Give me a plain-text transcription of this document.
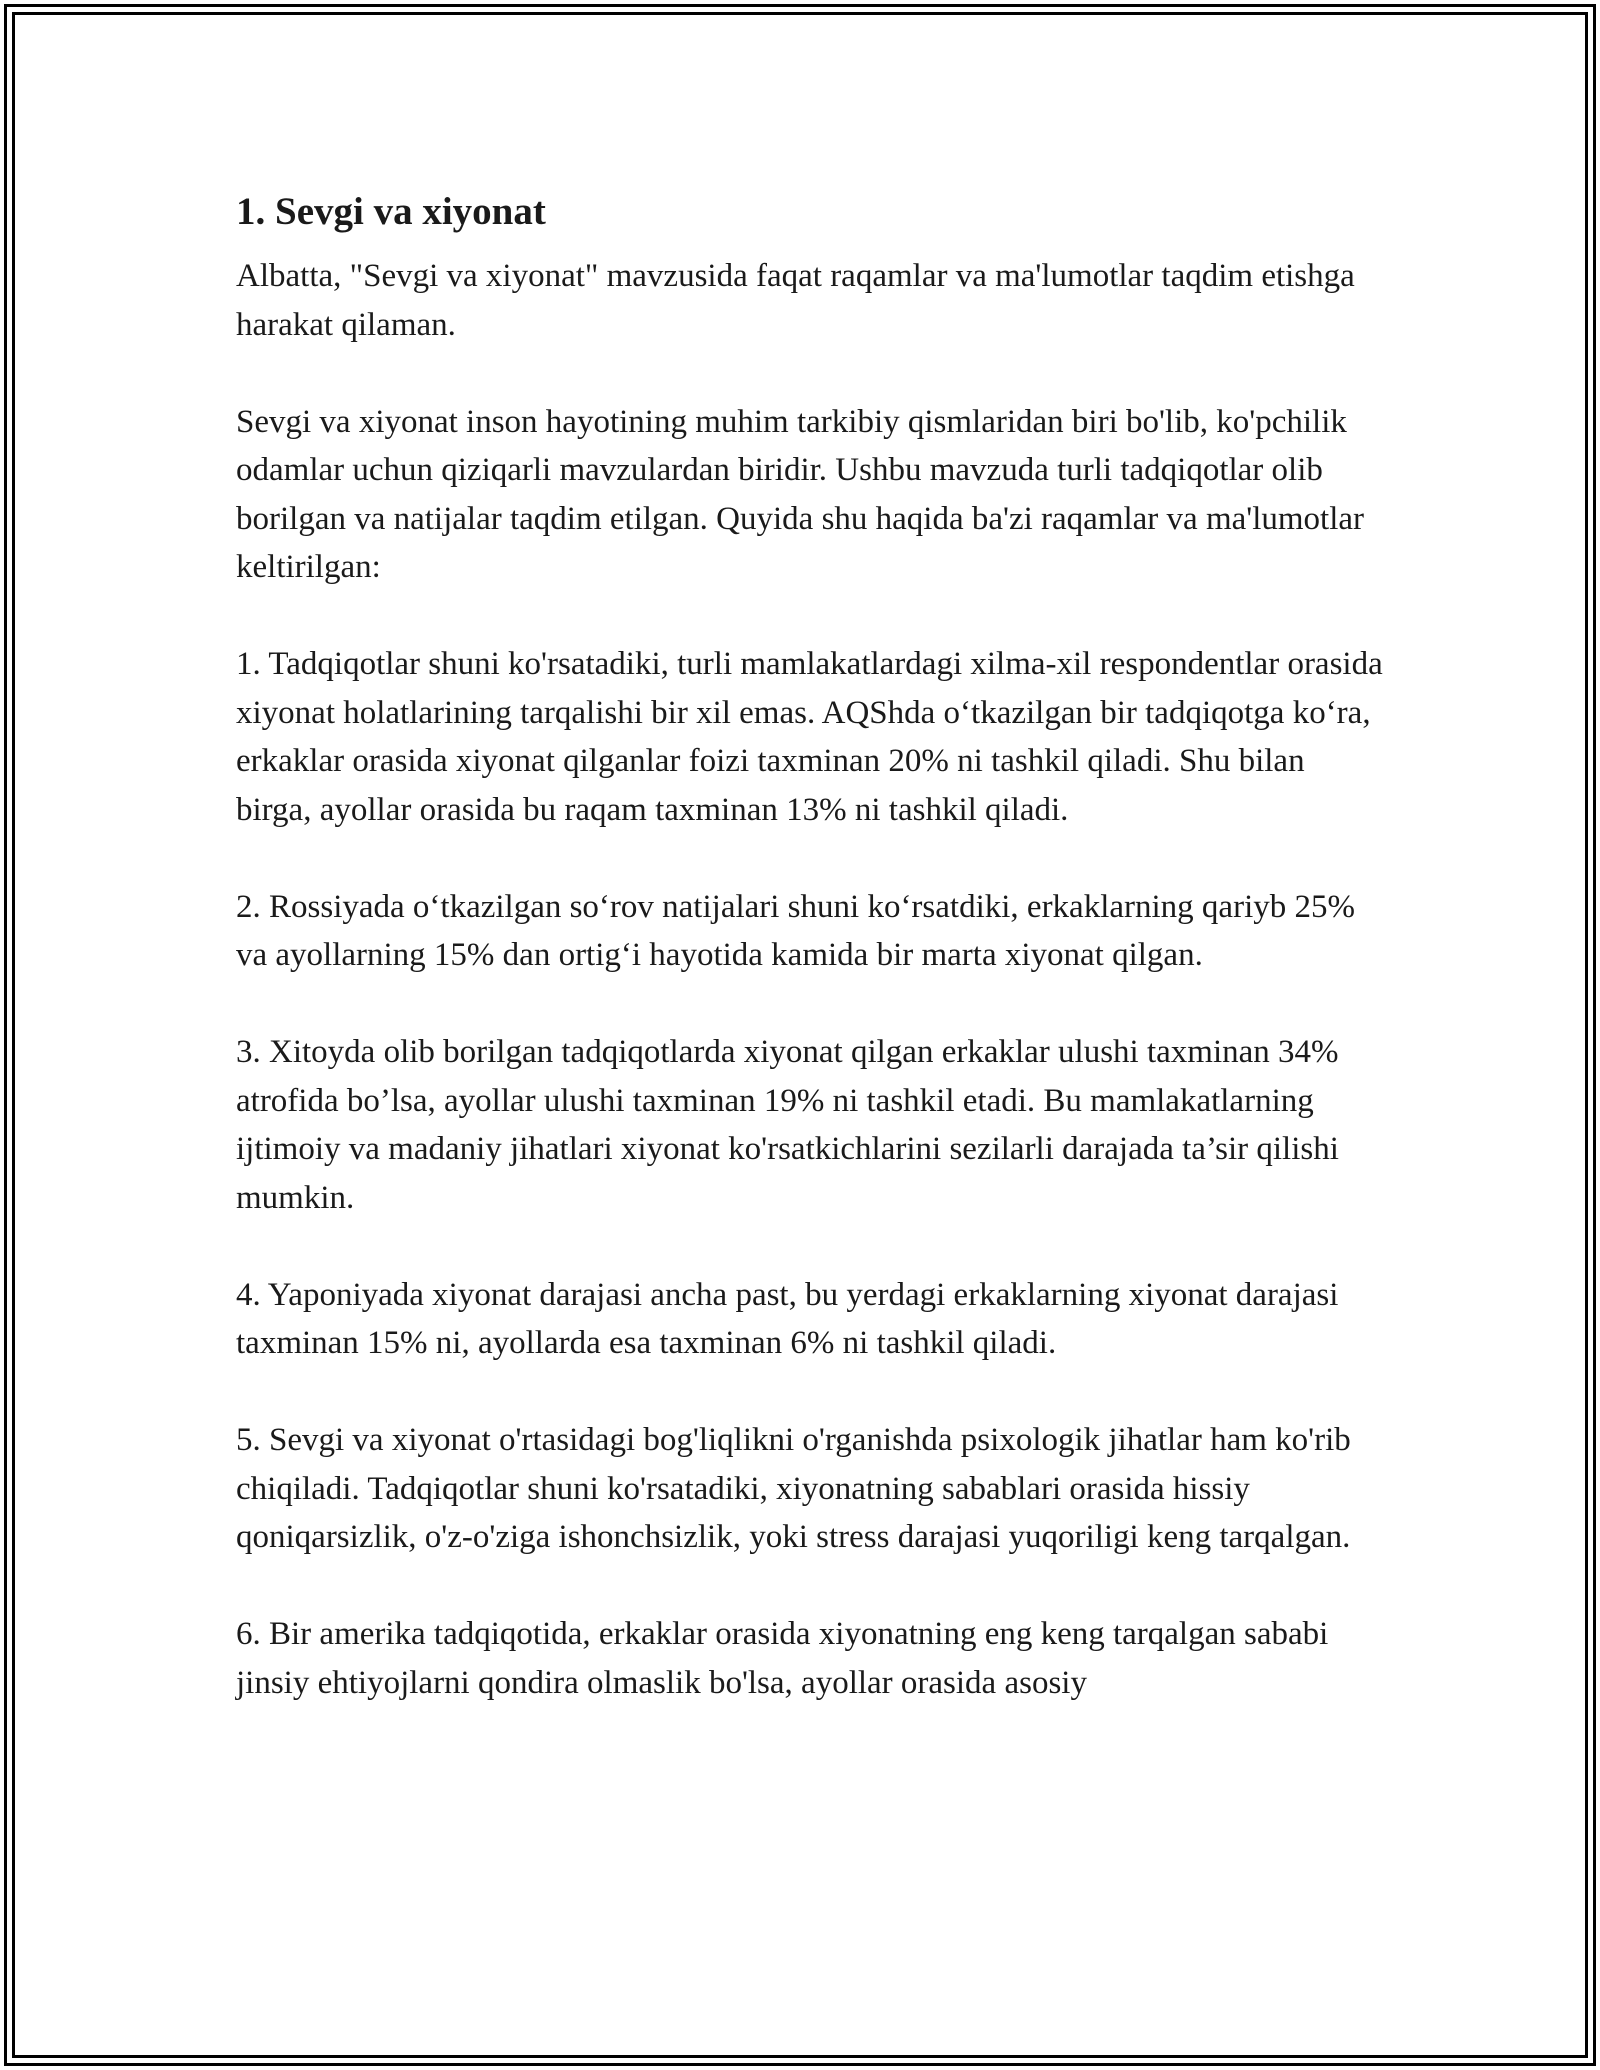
1. Sevgi va xiyonat

Albatta, "Sevgi va xiyonat" mavzusida faqat raqamlar va ma'lumotlar taqdim etishga harakat qilaman.

Sevgi va xiyonat inson hayotining muhim tarkibiy qismlaridan biri bo'lib, ko'pchilik odamlar uchun qiziqarli mavzulardan biridir. Ushbu mavzuda turli tadqiqotlar olib borilgan va natijalar taqdim etilgan. Quyida shu haqida ba'zi raqamlar va ma'lumotlar keltirilgan:

1. Tadqiqotlar shuni ko'rsatadiki, turli mamlakatlardagi xilma-xil respondentlar orasida xiyonat holatlarining tarqalishi bir xil emas. AQShda o‘tkazilgan bir tadqiqotga ko‘ra, erkaklar orasida xiyonat qilganlar foizi taxminan 20% ni tashkil qiladi. Shu bilan birga, ayollar orasida bu raqam taxminan 13% ni tashkil qiladi.

2. Rossiyada o‘tkazilgan so‘rov natijalari shuni ko‘rsatdiki, erkaklarning qariyb 25% va ayollarning 15% dan ortig‘i hayotida kamida bir marta xiyonat qilgan.

3. Xitoyda olib borilgan tadqiqotlarda xiyonat qilgan erkaklar ulushi taxminan 34% atrofida bo’lsa, ayollar ulushi taxminan 19% ni tashkil etadi. Bu mamlakatlarning ijtimoiy va madaniy jihatlari xiyonat ko'rsatkichlarini sezilarli darajada ta’sir qilishi mumkin.

4. Yaponiyada xiyonat darajasi ancha past, bu yerdagi erkaklarning xiyonat darajasi taxminan 15% ni, ayollarda esa taxminan 6% ni tashkil qiladi.

5. Sevgi va xiyonat o'rtasidagi bog'liqlikni o'rganishda psixologik jihatlar ham ko'rib chiqiladi. Tadqiqotlar shuni ko'rsatadiki, xiyonatning sabablari orasida hissiy qoniqarsizlik, o'z-o'ziga ishonchsizlik, yoki stress darajasi yuqoriligi keng tarqalgan.

6. Bir amerika tadqiqotida, erkaklar orasida xiyonatning eng keng tarqalgan sababi jinsiy ehtiyojlarni qondira olmaslik bo'lsa, ayollar orasida asosiy
